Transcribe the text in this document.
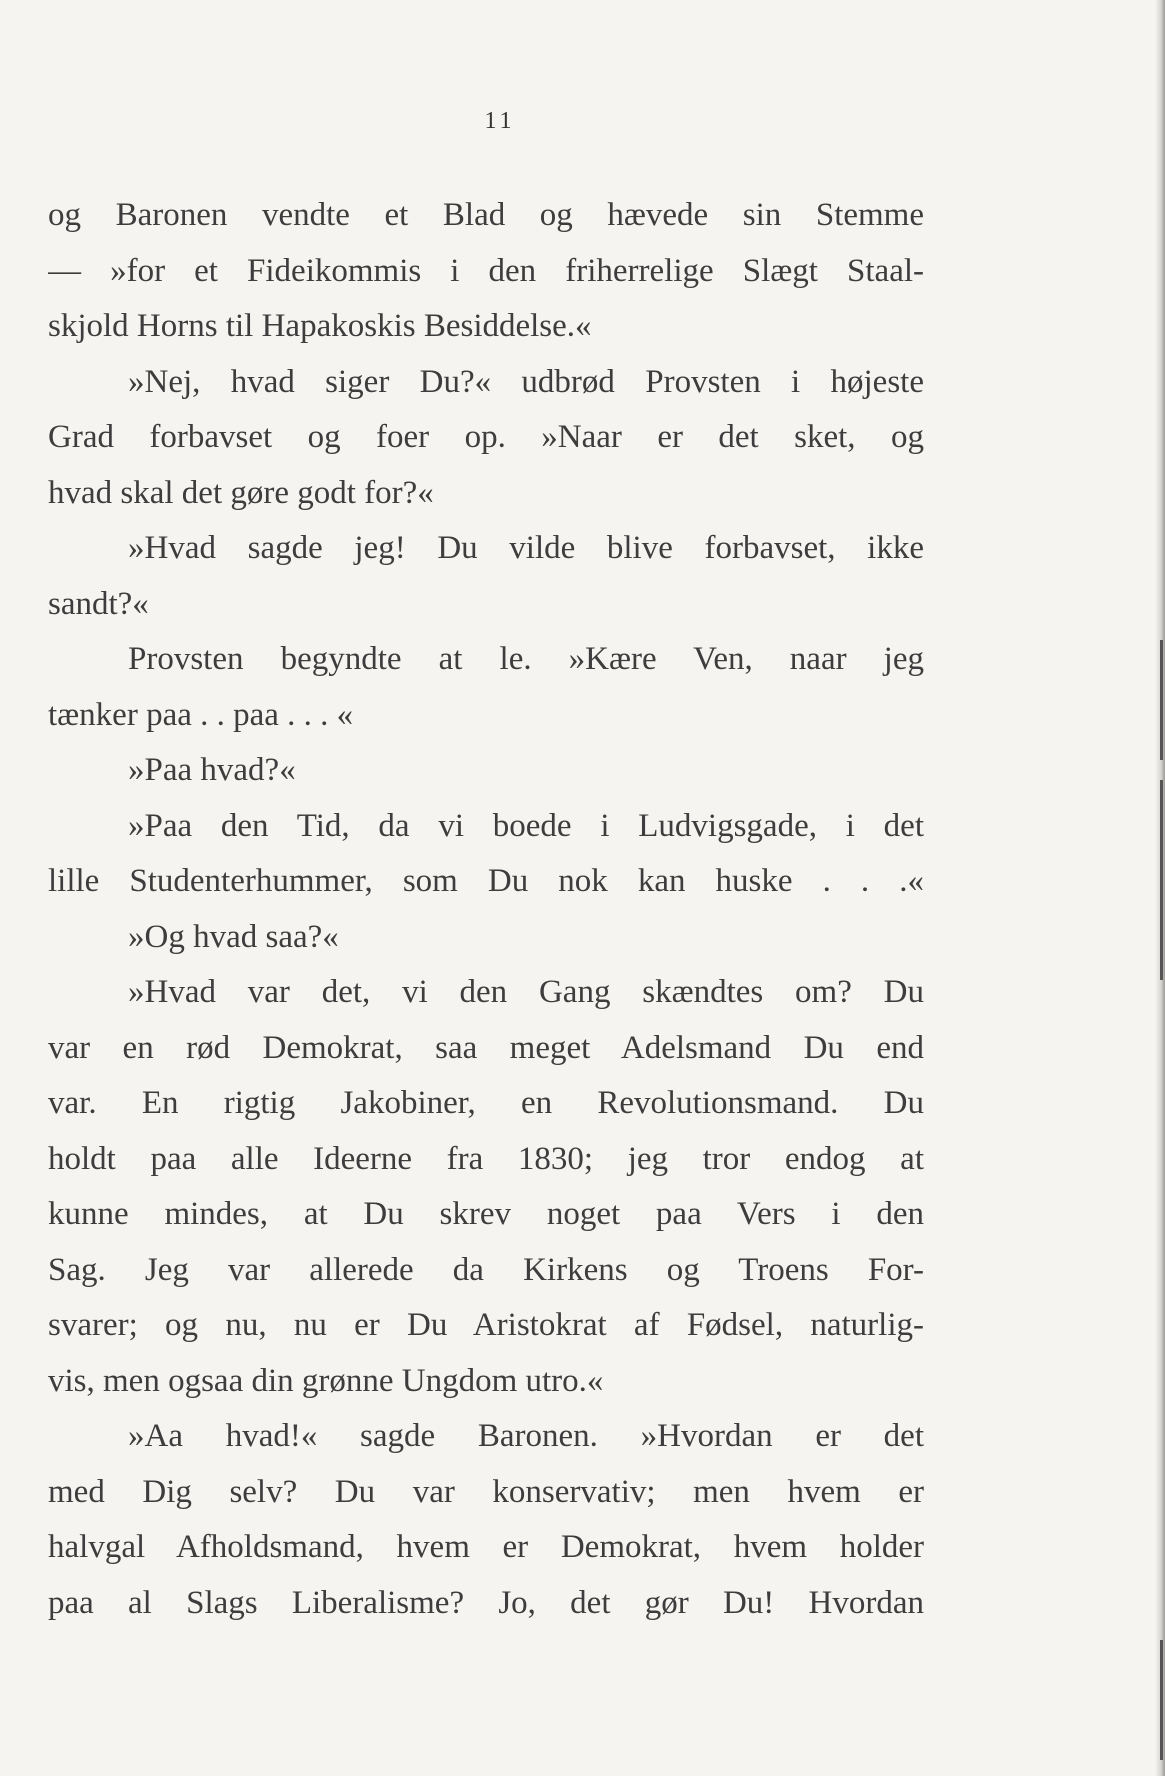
11
og Baronen vendte et Blad og hævede sin Stemme
— »for et Fideikommis i den friherrelige Slægt Staal-
skjold Horns til Hapakoskis Besiddelse.«
»Nej, hvad siger Du?« udbrød Provsten i højeste
Grad forbavset og foer op. »Naar er det sket, og
hvad skal det gøre godt for?«
»Hvad sagde jeg! Du vilde blive forbavset, ikke
sandt?«
Provsten begyndte at le. »Kære Ven, naar jeg
tænker paa . . paa . . . «
»Paa hvad?«
»Paa den Tid, da vi boede i Ludvigsgade, i det
lille Studenterhummer, som Du nok kan huske . . .«
»Og hvad saa?«
»Hvad var det, vi den Gang skændtes om? Du
var en rød Demokrat, saa meget Adelsmand Du end
var. En rigtig Jakobiner, en Revolutionsmand. Du
holdt paa alle Ideerne fra 1830; jeg tror endog at
kunne mindes, at Du skrev noget paa Vers i den
Sag. Jeg var allerede da Kirkens og Troens For-
svarer; og nu, nu er Du Aristokrat af Fødsel, naturlig-
vis, men ogsaa din grønne Ungdom utro.«
»Aa hvad!« sagde Baronen. »Hvordan er det
med Dig selv? Du var konservativ; men hvem er
halvgal Afholdsmand, hvem er Demokrat, hvem holder
paa al Slags Liberalisme? Jo, det gør Du! Hvordan
